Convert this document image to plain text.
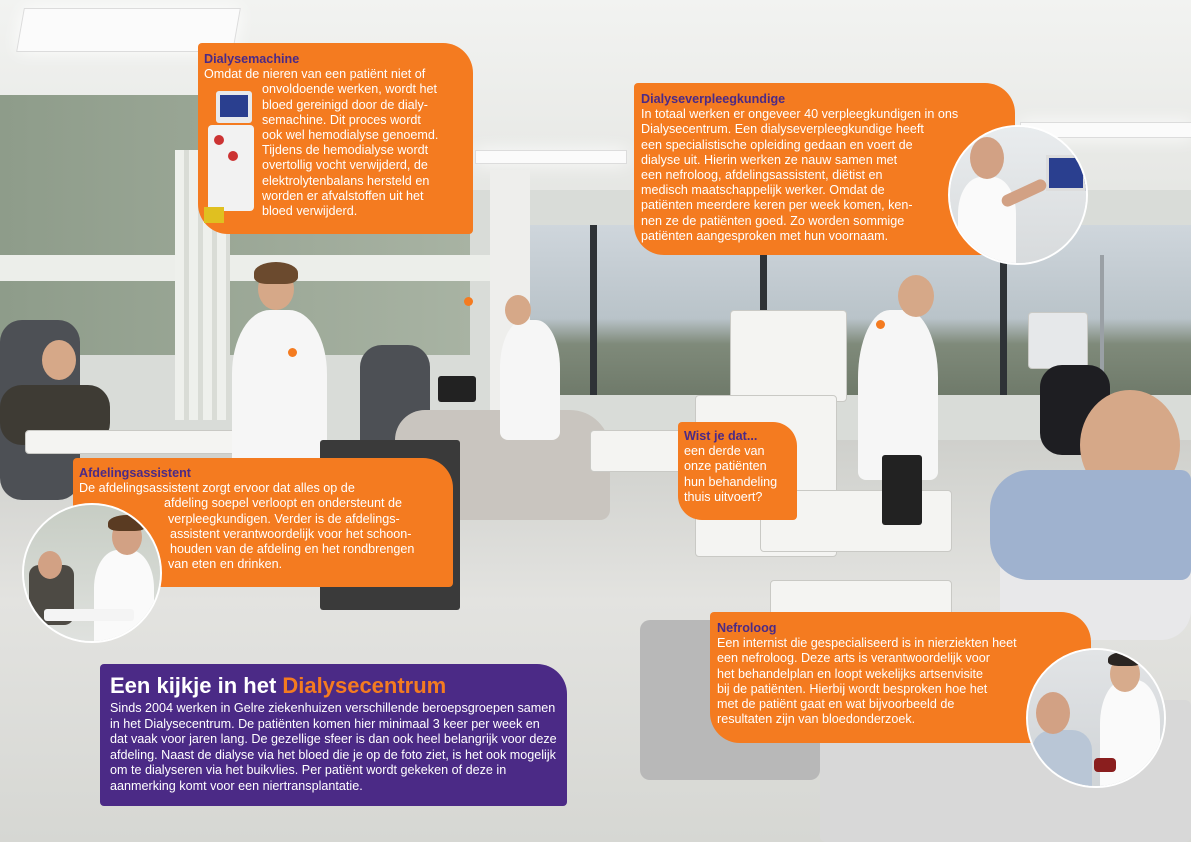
Dialysemachine

Omdat de nieren van een patiënt niet of

onvoldoende werken, wordt het

bloed gereinigd door de dialy-

semachine. Dit proces wordt

ook wel hemodialyse genoemd.

Tijdens de hemodialyse wordt

overtollig vocht verwijderd, de

elektrolytenbalans hersteld en

worden er afvalstoffen uit het

bloed verwijderd.

Dialyseverpleegkundige

In totaal werken er ongeveer 40 verpleegkundigen in ons

Dialysecentrum. Een dialyseverpleegkundige heeft

een specialistische opleiding gedaan en voert de

dialyse uit. Hierin werken ze nauw samen met

een nefroloog, afdelingsassistent, diëtist en

medisch maatschappelijk werker. Omdat de

patiënten meerdere keren per week komen, ken-

nen ze de patiënten goed. Zo worden sommige

patiënten aangesproken met hun voornaam.

Afdelingsassistent

De afdelingsassistent zorgt ervoor dat alles op de

afdeling soepel verloopt en ondersteunt de

verpleegkundigen. Verder is de afdelings-

assistent verantwoordelijk voor het schoon-

houden van de afdeling en het rondbrengen

van eten en drinken.

Wist je dat...

een derde van

onze patiënten

hun behandeling

thuis uitvoert?

Nefroloog

Een internist die gespecialiseerd is in nierziekten heet

een nefroloog. Deze arts is verantwoordelijk voor

het behandelplan en loopt wekelijks artsenvisite

bij de patiënten. Hierbij wordt besproken hoe het

met de patiënt gaat en wat bijvoorbeeld de

resultaten zijn van bloedonderzoek.

Een kijkje in het Dialysecentrum

Sinds 2004 werken in Gelre ziekenhuizen verschillende beroepsgroepen samen in het Dialysecentrum. De patiënten komen hier minimaal 3 keer per week en dat vaak voor jaren lang. De gezellige sfeer is dan ook heel belangrijk voor deze afdeling. Naast de dialyse via het bloed die je op de foto ziet, is het ook mogelijk om te dialyseren via het buikvlies. Per patiënt wordt gekeken of deze in aanmerking komt voor een niertransplantatie.
